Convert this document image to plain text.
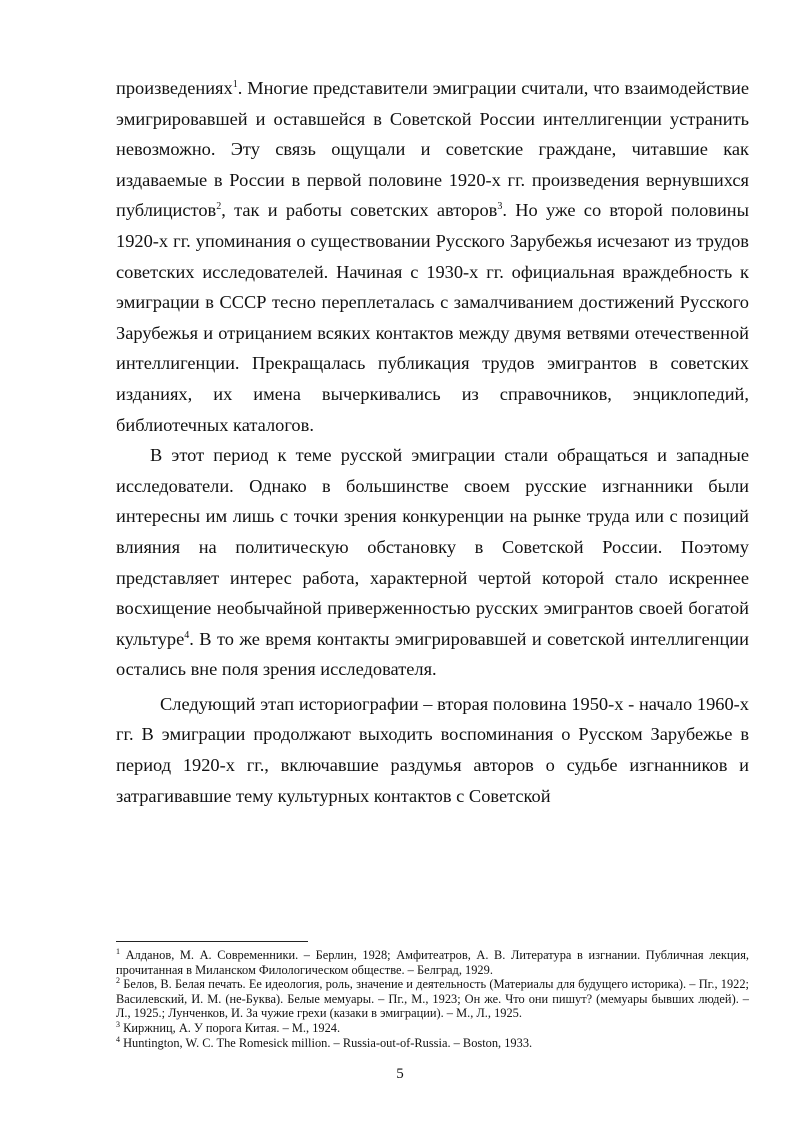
произведениях$^1$. Многие представители эмиграции считали, что взаимодействие эмигрировавшей и оставшейся в Советской России интеллигенции устранить невозможно. Эту связь ощущали и советские граждане, читавшие как издаваемые в России в первой половине 1920-х гг. произведения вернувшихся публицистов$^2$, так и работы советских авторов$^3$. Но уже со второй половины 1920-х гг. упоминания о существовании Русского Зарубежья исчезают из трудов советских исследователей. Начиная с 1930-х гг. официальная враждебность к эмиграции в СССР тесно переплеталась с замалчиванием достижений Русского Зарубежья и отрицанием всяких контактов между двумя ветвями отечественной интеллигенции. Прекращалась публикация трудов эмигрантов в советских изданиях, их имена вычеркивались из справочников, энциклопедий, библиотечных каталогов.

В этот период к теме русской эмиграции стали обращаться и западные исследователи. Однако в большинстве своем русские изгнанники были интересны им лишь с точки зрения конкуренции на рынке труда или с позиций влияния на политическую обстановку в Советской России. Поэтому представляет интерес работа, характерной чертой которой стало искреннее восхищение необычайной приверженностью русских эмигрантов своей богатой культуре$^4$. В то же время контакты эмигрировавшей и советской интеллигенции остались вне поля зрения исследователя.

Следующий этап историографии – вторая половина 1950-х - начало 1960-х гг. В эмиграции продолжают выходить воспоминания о Русском Зарубежье в период 1920-х гг., включавшие раздумья авторов о судьбе изгнанников и затрагивавшие тему культурных контактов с Советской

$^1$ Алданов, М. А. Современники. – Берлин, 1928; Амфитеатров, А. В. Литература в изгнании. Публичная лекция, прочитанная в Миланском Филологическом обществе. – Белград, 1929.

$^2$ Белов, В. Белая печать. Ее идеология, роль, значение и деятельность (Материалы для будущего историка). – Пг., 1922; Василевский, И. М. (не-Буква). Белые мемуары. – Пг., М., 1923; Он же. Что они пишут? (мемуары бывших людей). – Л., 1925.; Лунченков, И. За чужие грехи (казаки в эмиграции). – М., Л., 1925.

$^3$ Киржниц, А. У порога Китая. – М., 1924.

$^4$ Huntington, W. C. The Romesick million. – Russia-out-of-Russia. – Boston, 1933.

5
